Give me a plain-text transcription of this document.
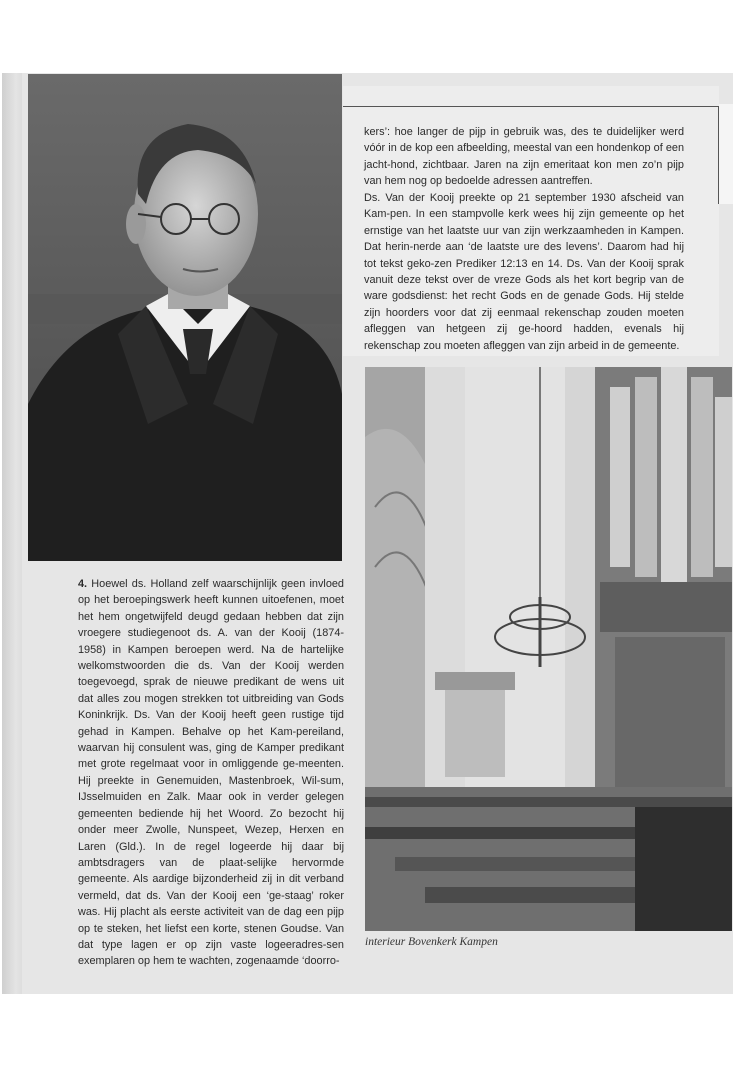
kers’: hoe langer de pijp in gebruik was, des te duidelijker werd vóór in de kop een afbeelding, meestal van een hondenkop of een jacht-hond, zichtbaar. Jaren na zijn emeritaat kon men zo’n pijp van hem nog op bedoelde adressen aantreffen.

Ds. Van der Kooij preekte op 21 september 1930 afscheid van Kam-pen. In een stampvolle kerk wees hij zijn gemeente op het ernstige van het laatste uur van zijn werkzaamheden in Kampen. Dat herin-nerde aan ‘de laatste ure des levens’. Daarom had hij tot tekst geko-zen Prediker 12:13 en 14. Ds. Van der Kooij sprak vanuit deze tekst over de vreze Gods als het kort begrip van de ware godsdienst: het recht Gods en de genade Gods. Hij stelde zijn hoorders voor dat zij eenmaal rekenschap zouden moeten afleggen van hetgeen zij ge-hoord hadden, evenals hij rekenschap zou moeten afleggen van zijn arbeid in de gemeente.

4. Hoewel ds. Holland zelf waarschijnlijk geen invloed op het beroepingswerk heeft kunnen uitoefenen, moet het hem ongetwijfeld deugd gedaan hebben dat zijn vroegere studiegenoot ds. A. van der Kooij (1874-1958) in Kampen beroepen werd. Na de hartelijke welkomstwoorden die ds. Van der Kooij werden toegevoegd, sprak de nieuwe predikant de wens uit dat alles zou mogen strekken tot uitbreiding van Gods Koninkrijk. Ds. Van der Kooij heeft geen rustige tijd gehad in Kampen. Behalve op het Kam-pereiland, waarvan hij consulent was, ging de Kamper predikant met grote regelmaat voor in omliggende ge-meenten. Hij preekte in Genemuiden, Mastenbroek, Wil-sum, IJsselmuiden en Zalk. Maar ook in verder gelegen gemeenten bediende hij het Woord. Zo bezocht hij onder meer Zwolle, Nunspeet, Wezep, Herxen en Laren (Gld.). In de regel logeerde hij daar bij ambtsdragers van de plaat-selijke hervormde gemeente. Als aardige bijzonderheid zij in dit verband vermeld, dat ds. Van der Kooij een ‘ge-staag’ roker was. Hij placht als eerste activiteit van de dag een pijp op te steken, het liefst een korte, stenen Goudse. Van dat type lagen er op zijn vaste logeeradres-sen exemplaren op hem te wachten, zogenaamde ‘doorro-

interieur Bovenkerk Kampen
